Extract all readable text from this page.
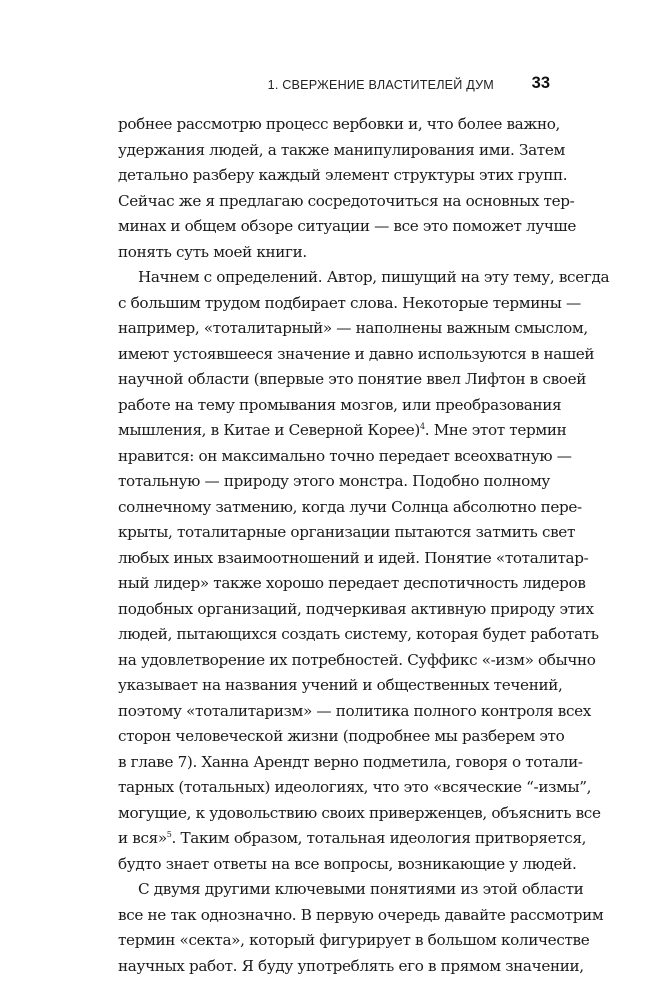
1. СВЕРЖЕНИЕ ВЛАСТИТЕЛЕЙ ДУМ 33
робнее рассмотрю процесс вербовки и, что более важно,
удержания людей, а также манипулирования ими. Затем
детально разберу каждый элемент структуры этих групп.
Сейчас же я предлагаю сосредоточиться на основных тер-
минах и общем обзоре ситуации — все это поможет лучше
понять суть моей книги.
Начнем с определений. Автор, пишущий на эту тему, всегда
с большим трудом подбирает слова. Некоторые термины —
например, «тоталитарный» — наполнены важным смыслом,
имеют устоявшееся значение и давно используются в нашей
научной области (впервые это понятие ввел Лифтон в своей
работе на тему промывания мозгов, или преобразования
мышления, в Китае и Северной Корее)$^4$. Мне этот термин
нравится: он максимально точно передает всеохватную —
тотальную — природу этого монстра. Подобно полному
солнечному затмению, когда лучи Солнца абсолютно пере-
крыты, тоталитарные организации пытаются затмить свет
любых иных взаимоотношений и идей. Понятие «тоталитар-
ный лидер» также хорошо передает деспотичность лидеров
подобных организаций, подчеркивая активную природу этих
людей, пытающихся создать систему, которая будет работать
на удовлетворение их потребностей. Суффикс «-изм» обычно
указывает на названия учений и общественных течений,
поэтому «тоталитаризм» — политика полного контроля всех
сторон человеческой жизни (подробнее мы разберем это
в главе 7). Ханна Арендт верно подметила, говоря о тотали-
тарных (тотальных) идеологиях, что это «всяческие “-измы”,
могущие, к удовольствию своих приверженцев, объяснить все
и вся»$^5$. Таким образом, тотальная идеология притворяется,
будто знает ответы на все вопросы, возникающие у людей.
С двумя другими ключевыми понятиями из этой области
все не так однозначно. В первую очередь давайте рассмотрим
термин «секта», который фигурирует в большом количестве
научных работ. Я буду употреблять его в прямом значении,
